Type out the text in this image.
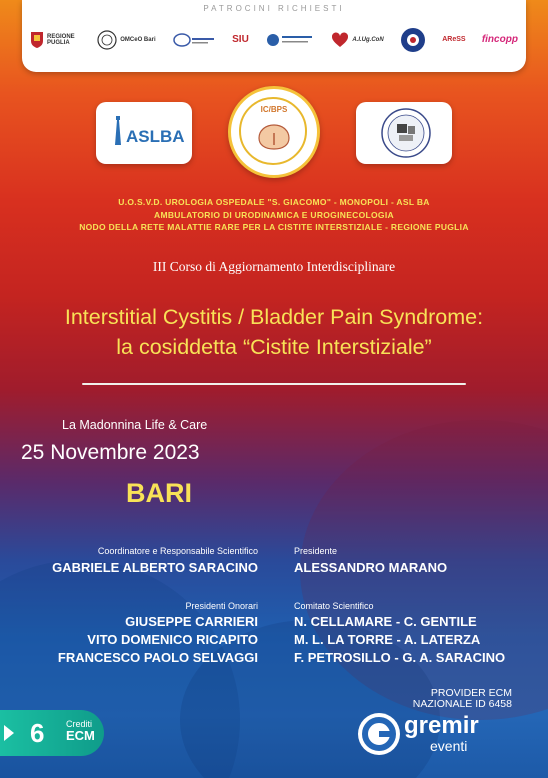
PATROCINI RICHIESTI
REGIONE PUGLIA
OMCeO Bari	SIU	A.I.Ug.CoN	AReSS fincopp
ASLBA
IC/BPS
U.O.S.V.D. UROLOGIA OSPEDALE "S. GIACOMO" - MONOPOLI - ASL BA
AMBULATORIO DI URODINAMICA E UROGINECOLOGIA
NODO DELLA RETE MALATTIE RARE PER LA CISTITE INTERSTIZIALE - REGIONE PUGLIA
III Corso di Aggiornamento Interdisciplinare
Interstitial Cystitis / Bladder Pain Syndrome:
la cosiddetta “Cistite Interstiziale”
La Madonnina Life & Care
25 Novembre 2023
BARI
Coordinatore e Responsabile Scientifico
GABRIELE ALBERTO SARACINO
Presidente
ALESSANDRO MARANO
Presidenti Onorari
GIUSEPPE CARRIERI
VITO DOMENICO RICAPITO
FRANCESCO PAOLO SELVAGGI
Comitato Scientifico
N. CELLAMARE - C. GENTILE
M. L. LA TORRE - A. LATERZA
F. PETROSILLO - G. A. SARACINO
6 Crediti
ECM
PROVIDER ECM
NAZIONALE ID 6458
gremir
eventi
